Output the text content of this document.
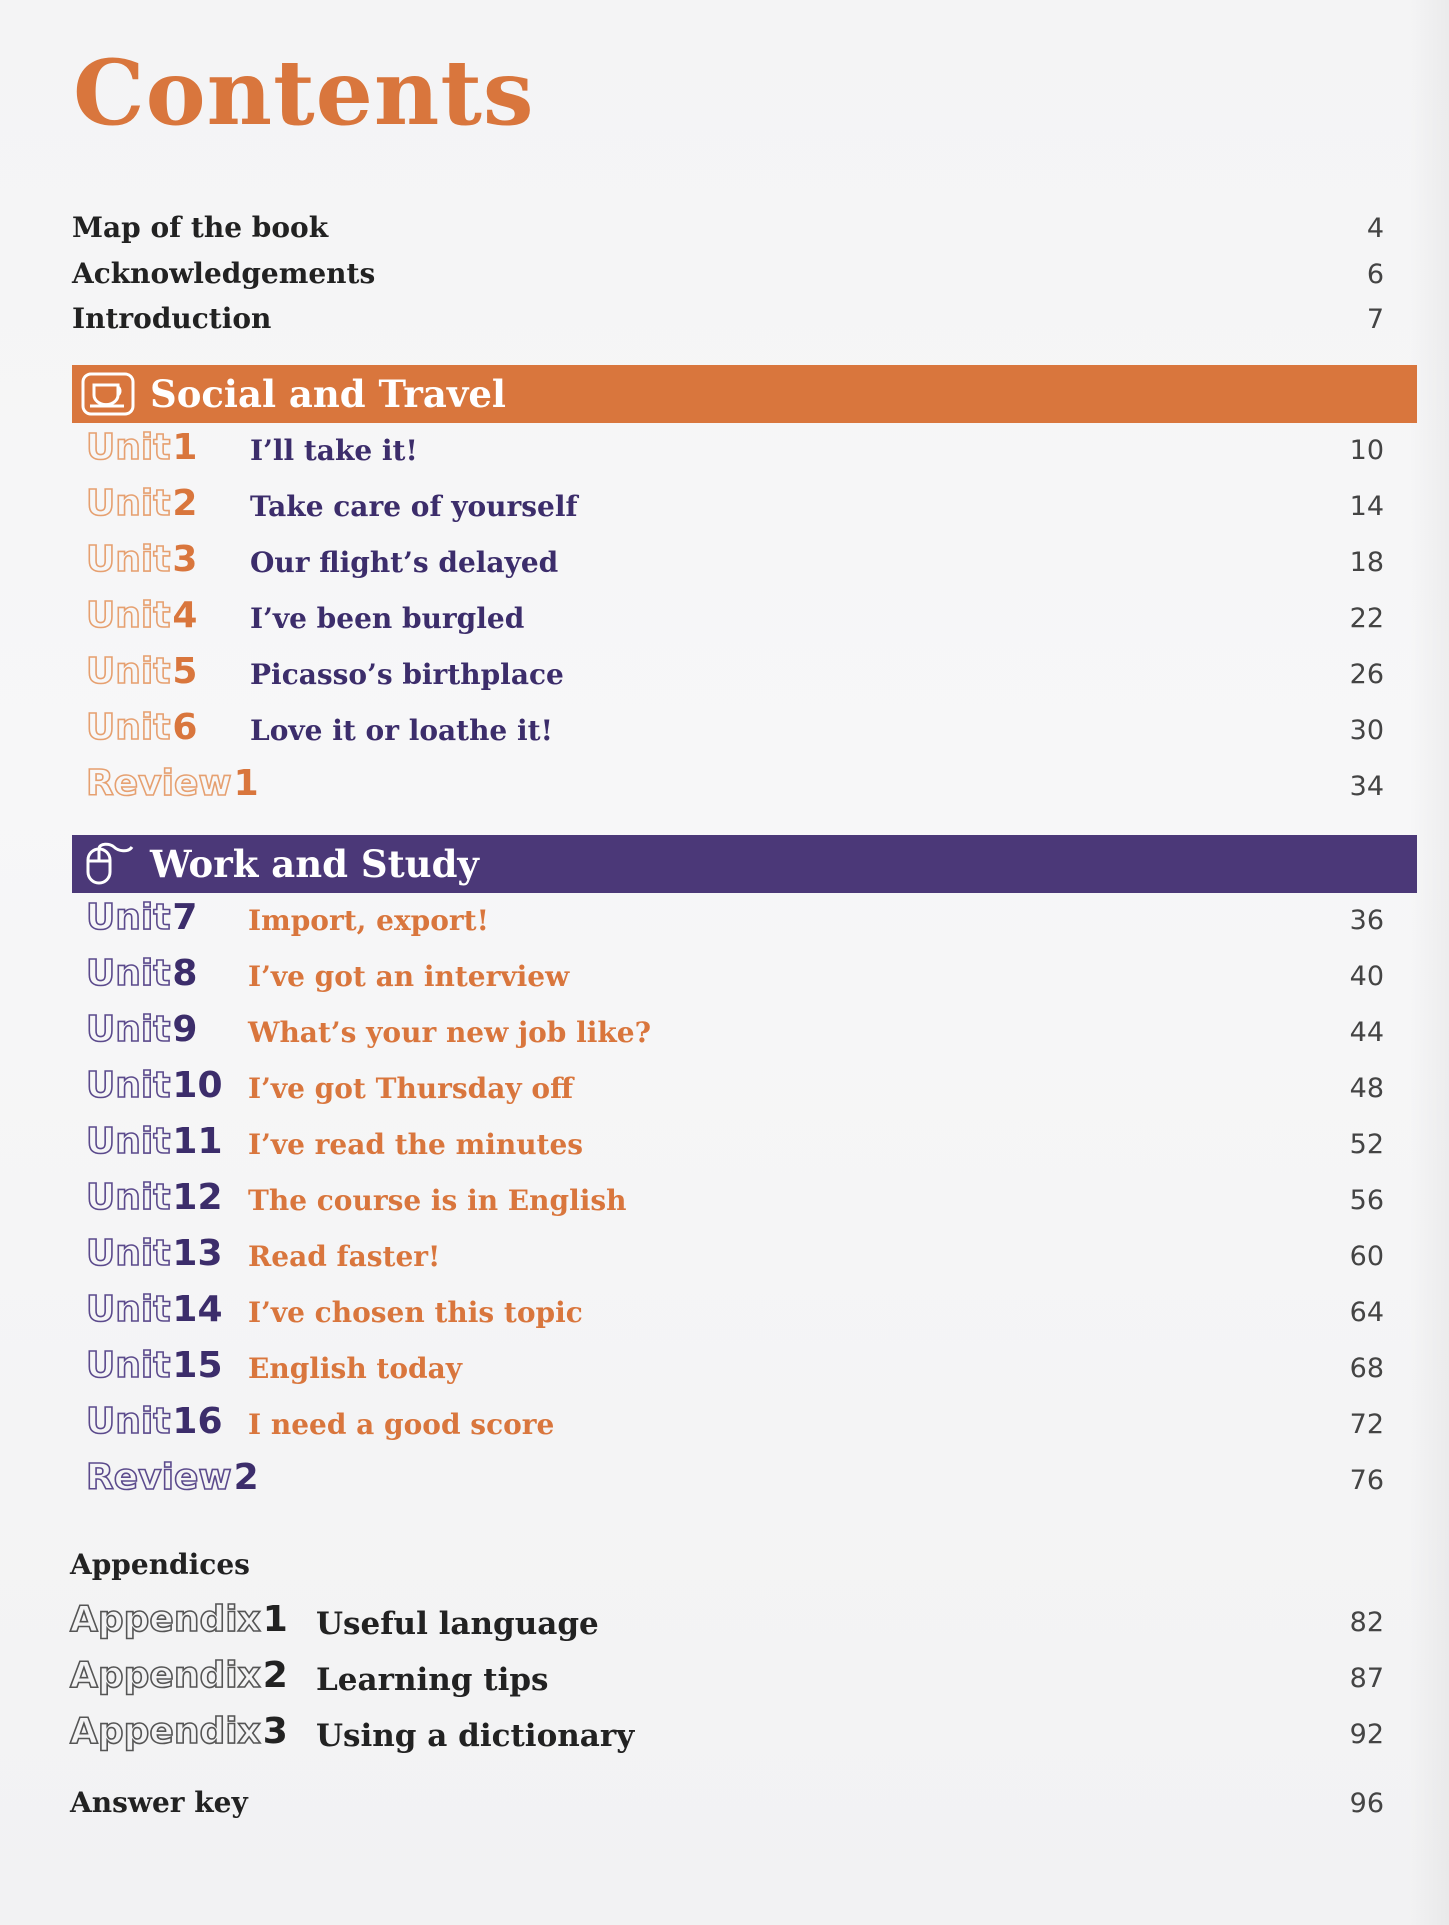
Contents
Map of the book	4
Acknowledgements	6
Introduction	7
Social and Travel
Unit1 I’ll take it!	10
Unit2 Take care of yourself	14
Unit3 Our flight’s delayed	18
Unit4 I’ve been burgled	22
Unit5 Picasso’s birthplace	26
Unit6 Love it or loathe it!	30
Review1	34
Work and Study
Unit7 Import, export!	36
Unit8 I’ve got an interview	40
Unit9 What’s your new job like?	44
Unit10 I’ve got Thursday off	48
Unit11 I’ve read the minutes	52
Unit12 The course is in English	56
Unit13 Read faster!	60
Unit14 I’ve chosen this topic	64
Unit15 English today	68
Unit16 I need a good score	72
Review2	76
Appendices
Appendix1 Useful language	82
Appendix2 Learning tips	87
Appendix3 Using a dictionary	92
Answer key	96
